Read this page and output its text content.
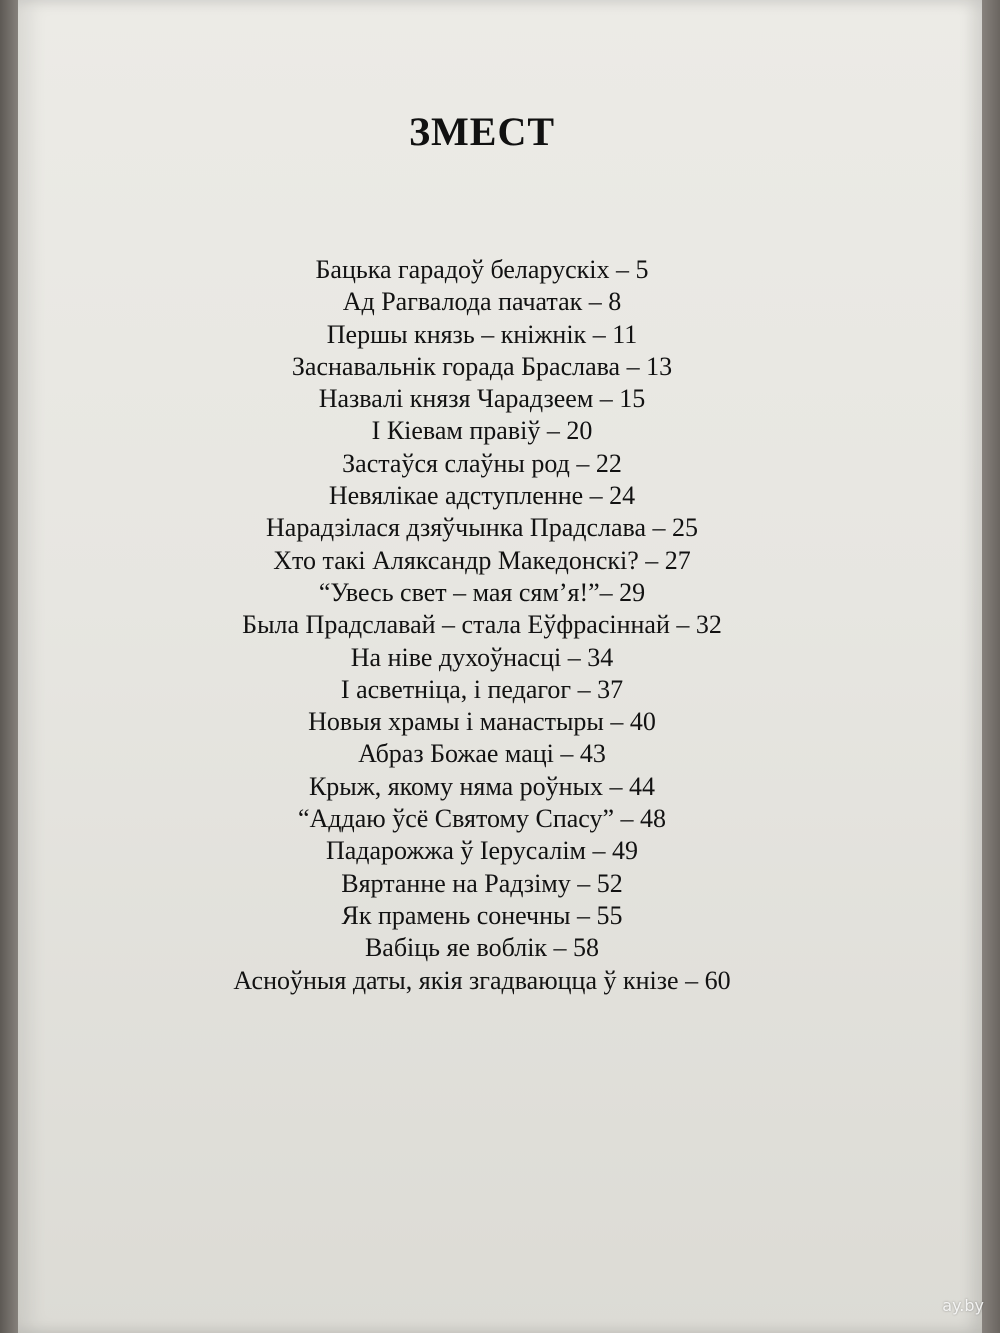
ЗМЕСТ
Бацька гарадоў беларускіх – 5
Ад Рагвалода пачатак – 8
Першы князь – кніжнік – 11
Заснавальнік горада Браслава – 13
Назвалі князя Чарадзеем – 15
І Кіевам правіў – 20
Застаўся слаўны род – 22
Невялікае адступленне – 24
Нарадзілася дзяўчынка Прадслава – 25
Хто такі Аляксандр Македонскі? – 27
“Увесь свет – мая сям’я!”– 29
Была Прадславай – стала Еўфрасіннай – 32
На ніве духоўнасці – 34
І асветніца, і педагог – 37
Новыя храмы і манастыры – 40
Абраз Божае маці – 43
Крыж, якому няма роўных – 44
“Аддаю ўсё Святому Спасу” – 48
Падарожжа ў Іерусалім – 49
Вяртанне на Радзіму – 52
Як прамень сонечны – 55
Вабіць яе воблік – 58
Асноўныя даты, якія згадваюцца ў кнізе – 60
ay.by
